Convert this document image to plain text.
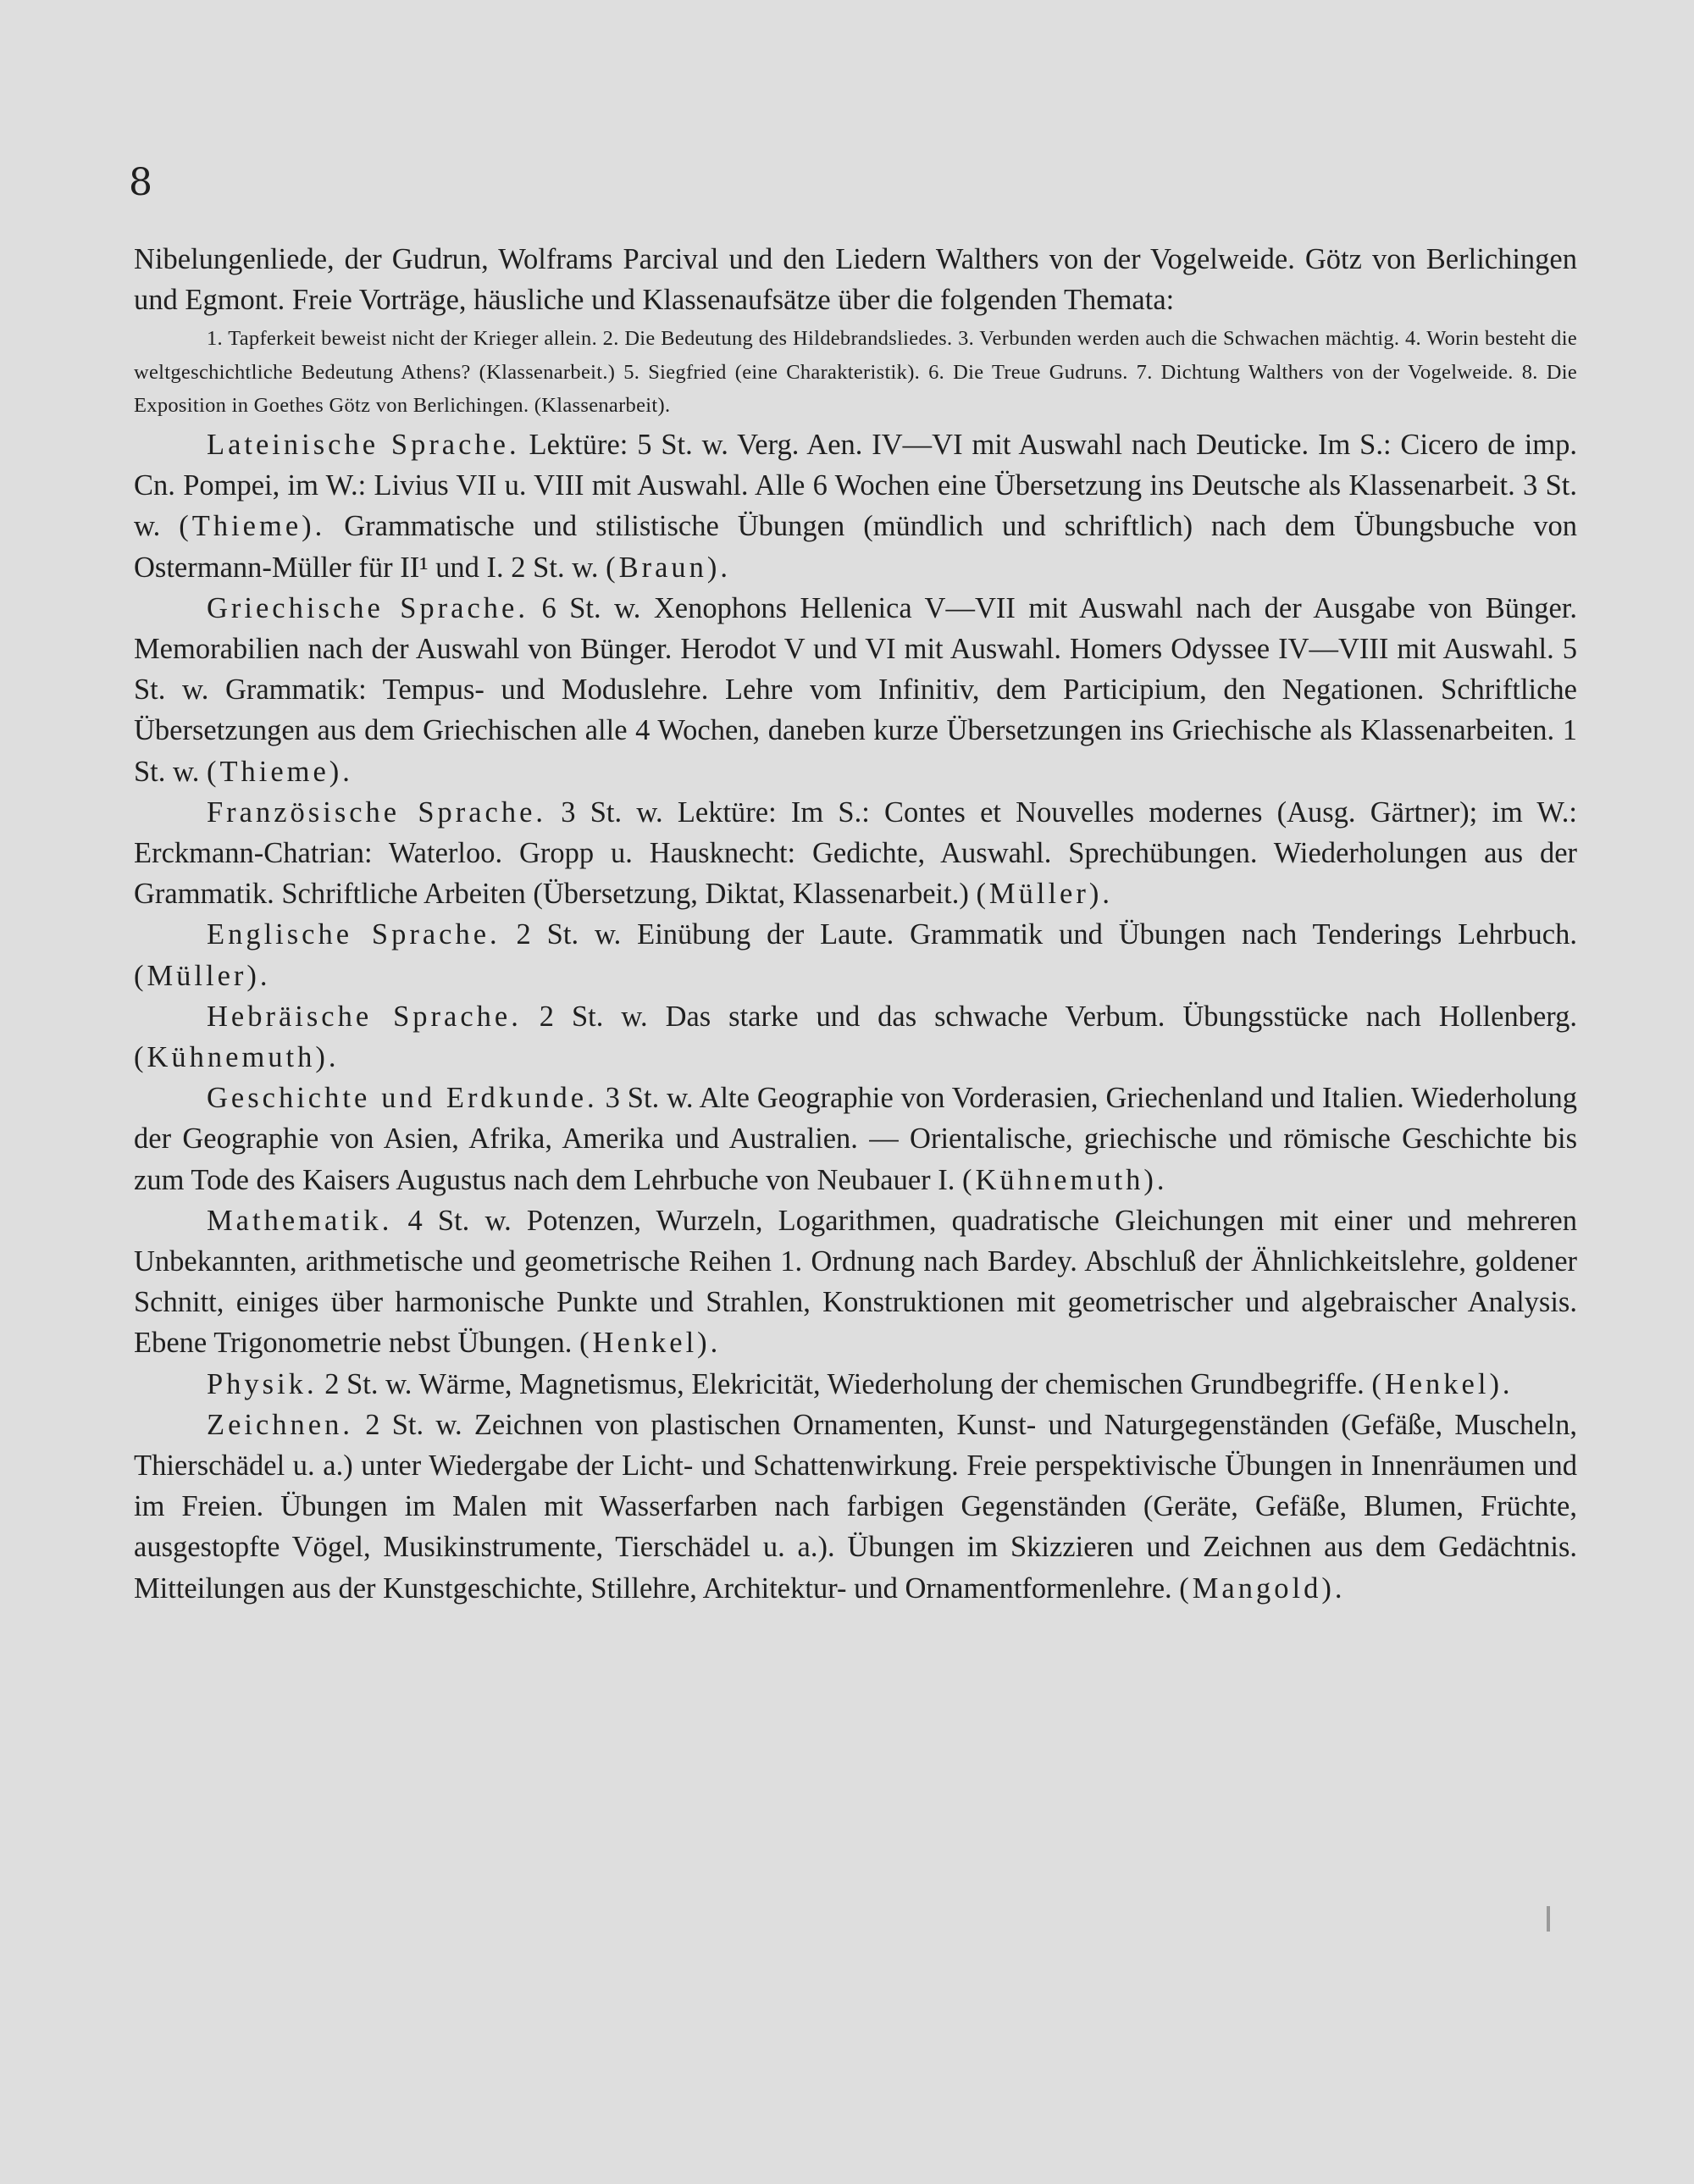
8

Nibelungenliede, der Gudrun, Wolframs Parcival und den Liedern Walthers von der Vogelweide. Götz von Berlichingen und Egmont. Freie Vorträge, häusliche und Klassenaufsätze über die folgenden Themata:

1. Tapferkeit beweist nicht der Krieger allein. 2. Die Bedeutung des Hildebrandsliedes. 3. Verbunden werden auch die Schwachen mächtig. 4. Worin besteht die weltgeschichtliche Bedeutung Athens? (Klassenarbeit.) 5. Siegfried (eine Charakteristik). 6. Die Treue Gudruns. 7. Dichtung Walthers von der Vogelweide. 8. Die Exposition in Goethes Götz von Berlichingen. (Klassenarbeit).

Lateinische Sprache. Lektüre: 5 St. w. Verg. Aen. IV—VI mit Auswahl nach Deuticke. Im S.: Cicero de imp. Cn. Pompei, im W.: Livius VII u. VIII mit Auswahl. Alle 6 Wochen eine Übersetzung ins Deutsche als Klassenarbeit. 3 St. w. (Thieme). Grammatische und stilistische Übungen (mündlich und schriftlich) nach dem Übungsbuche von Ostermann-Müller für II¹ und I. 2 St. w. (Braun).

Griechische Sprache. 6 St. w. Xenophons Hellenica V—VII mit Auswahl nach der Ausgabe von Bünger. Memorabilien nach der Auswahl von Bünger. Herodot V und VI mit Auswahl. Homers Odyssee IV—VIII mit Auswahl. 5 St. w. Grammatik: Tempus- und Moduslehre. Lehre vom Infinitiv, dem Participium, den Negationen. Schriftliche Übersetzungen aus dem Griechischen alle 4 Wochen, daneben kurze Übersetzungen ins Griechische als Klassenarbeiten. 1 St. w. (Thieme).

Französische Sprache. 3 St. w. Lektüre: Im S.: Contes et Nouvelles modernes (Ausg. Gärtner); im W.: Erckmann-Chatrian: Waterloo. Gropp u. Hausknecht: Gedichte, Auswahl. Sprechübungen. Wiederholungen aus der Grammatik. Schriftliche Arbeiten (Übersetzung, Diktat, Klassenarbeit.) (Müller).

Englische Sprache. 2 St. w. Einübung der Laute. Grammatik und Übungen nach Tenderings Lehrbuch. (Müller).

Hebräische Sprache. 2 St. w. Das starke und das schwache Verbum. Übungsstücke nach Hollenberg. (Kühnemuth).

Geschichte und Erdkunde. 3 St. w. Alte Geographie von Vorderasien, Griechenland und Italien. Wiederholung der Geographie von Asien, Afrika, Amerika und Australien. — Orientalische, griechische und römische Geschichte bis zum Tode des Kaisers Augustus nach dem Lehrbuche von Neubauer I. (Kühnemuth).

Mathematik. 4 St. w. Potenzen, Wurzeln, Logarithmen, quadratische Gleichungen mit einer und mehreren Unbekannten, arithmetische und geometrische Reihen 1. Ordnung nach Bardey. Abschluß der Ähnlichkeitslehre, goldener Schnitt, einiges über harmonische Punkte und Strahlen, Konstruktionen mit geometrischer und algebraischer Analysis. Ebene Trigonometrie nebst Übungen. (Henkel).

Physik. 2 St. w. Wärme, Magnetismus, Elekricität, Wiederholung der chemischen Grundbegriffe. (Henkel).

Zeichnen. 2 St. w. Zeichnen von plastischen Ornamenten, Kunst- und Naturgegenständen (Gefäße, Muscheln, Thierschädel u. a.) unter Wiedergabe der Licht- und Schattenwirkung. Freie perspektivische Übungen in Innenräumen und im Freien. Übungen im Malen mit Wasserfarben nach farbigen Gegenständen (Geräte, Gefäße, Blumen, Früchte, ausgestopfte Vögel, Musikinstrumente, Tierschädel u. a.). Übungen im Skizzieren und Zeichnen aus dem Gedächtnis. Mitteilungen aus der Kunstgeschichte, Stillehre, Architektur- und Ornamentformenlehre. (Mangold).
